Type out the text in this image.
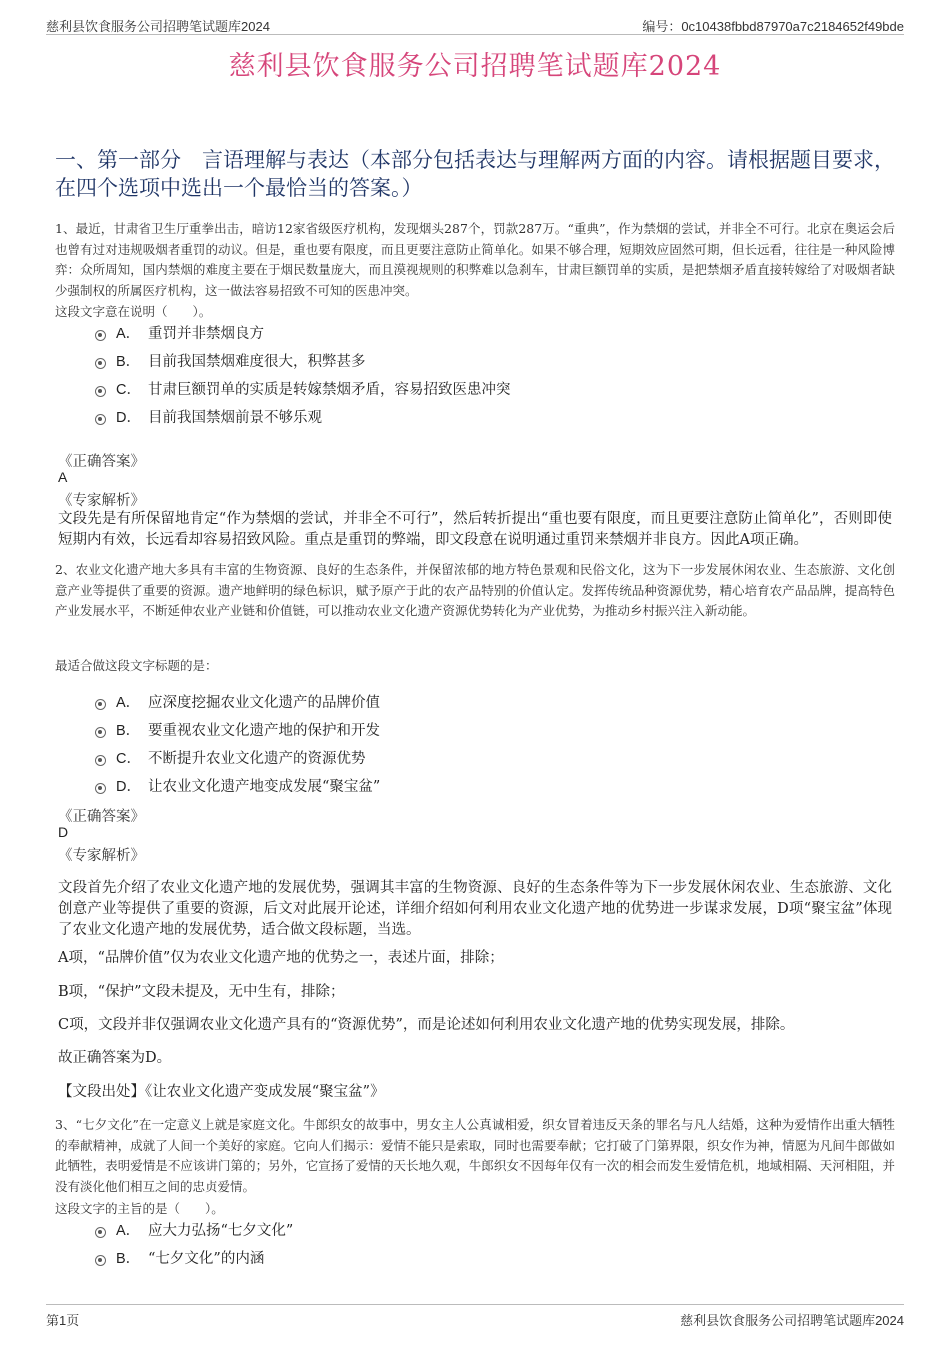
慈利县饮食服务公司招聘笔试题库2024	编号：0c10438fbbd87970a7c2184652f49bde
慈利县饮食服务公司招聘笔试题库2024
一、第一部分　言语理解与表达（本部分包括表达与理解两方面的内容。请根据题目要求，在四个选项中选出一个最恰当的答案。）
1、最近，甘肃省卫生厅重拳出击，暗访12家省级医疗机构，发现烟头287个，罚款287万。“重典”，作为禁烟的尝试，并非全不可行。北京在奥运会后也曾有过对违规吸烟者重罚的动议。但是，重也要有限度，而且更要注意防止简单化。如果不够合理，短期效应固然可期，但长远看，往往是一种风险博弈：众所周知，国内禁烟的难度主要在于烟民数量庞大，而且漠视规则的积弊难以急刹车，甘肃巨额罚单的实质，是把禁烟矛盾直接转嫁给了对吸烟者缺少强制权的所属医疗机构，这一做法容易招致不可知的医患冲突。
这段文字意在说明（　　）。
A． 重罚并非禁烟良方
B． 目前我国禁烟难度很大，积弊甚多
C． 甘肃巨额罚单的实质是转嫁禁烟矛盾，容易招致医患冲突
D． 目前我国禁烟前景不够乐观
《正确答案》
A
《专家解析》
文段先是有所保留地肯定“作为禁烟的尝试，并非全不可行”，然后转折提出“重也要有限度，而且更要注意防止简单化”，否则即使短期内有效，长远看却容易招致风险。重点是重罚的弊端，即文段意在说明通过重罚来禁烟并非良方。因此A项正确。
2、农业文化遗产地大多具有丰富的生物资源、良好的生态条件，并保留浓郁的地方特色景观和民俗文化，这为下一步发展休闲农业、生态旅游、文化创意产业等提供了重要的资源。遗产地鲜明的绿色标识，赋予原产于此的农产品特别的价值认定。发挥传统品种资源优势，精心培育农产品品牌，提高特色产业发展水平，不断延伸农业产业链和价值链，可以推动农业文化遗产资源优势转化为产业优势，为推动乡村振兴注入新动能。
最适合做这段文字标题的是：
A． 应深度挖掘农业文化遗产的品牌价值
B． 要重视农业文化遗产地的保护和开发
C． 不断提升农业文化遗产的资源优势
D． 让农业文化遗产地变成发展“聚宝盆”
《正确答案》
D
《专家解析》
文段首先介绍了农业文化遗产地的发展优势，强调其丰富的生物资源、良好的生态条件等为下一步发展休闲农业、生态旅游、文化创意产业等提供了重要的资源，后文对此展开论述，详细介绍如何利用农业文化遗产地的优势进一步谋求发展，D项“聚宝盆”体现了农业文化遗产地的发展优势，适合做文段标题，当选。
A项，“品牌价值”仅为农业文化遗产地的优势之一，表述片面，排除；
B项，“保护”文段未提及，无中生有，排除；
C项，文段并非仅强调农业文化遗产具有的“资源优势”，而是论述如何利用农业文化遗产地的优势实现发展，排除。
故正确答案为D。
【文段出处】《让农业文化遗产变成发展“聚宝盆”》
3、“七夕文化”在一定意义上就是家庭文化。牛郎织女的故事中，男女主人公真诚相爱，织女冒着违反天条的罪名与凡人结婚，这种为爱情作出重大牺牲的奉献精神，成就了人间一个美好的家庭。它向人们揭示：爱情不能只是索取，同时也需要奉献；它打破了门第界限，织女作为神，情愿为凡间牛郎做如此牺牲，表明爱情是不应该讲门第的；另外，它宣扬了爱情的天长地久观，牛郎织女不因每年仅有一次的相会而发生爱情危机，地域相隔、天河相阻，并没有淡化他们相互之间的忠贞爱情。
这段文字的主旨的是（　　）。
A． 应大力弘扬“七夕文化”
B． “七夕文化”的内涵
第1页	慈利县饮食服务公司招聘笔试题库2024
